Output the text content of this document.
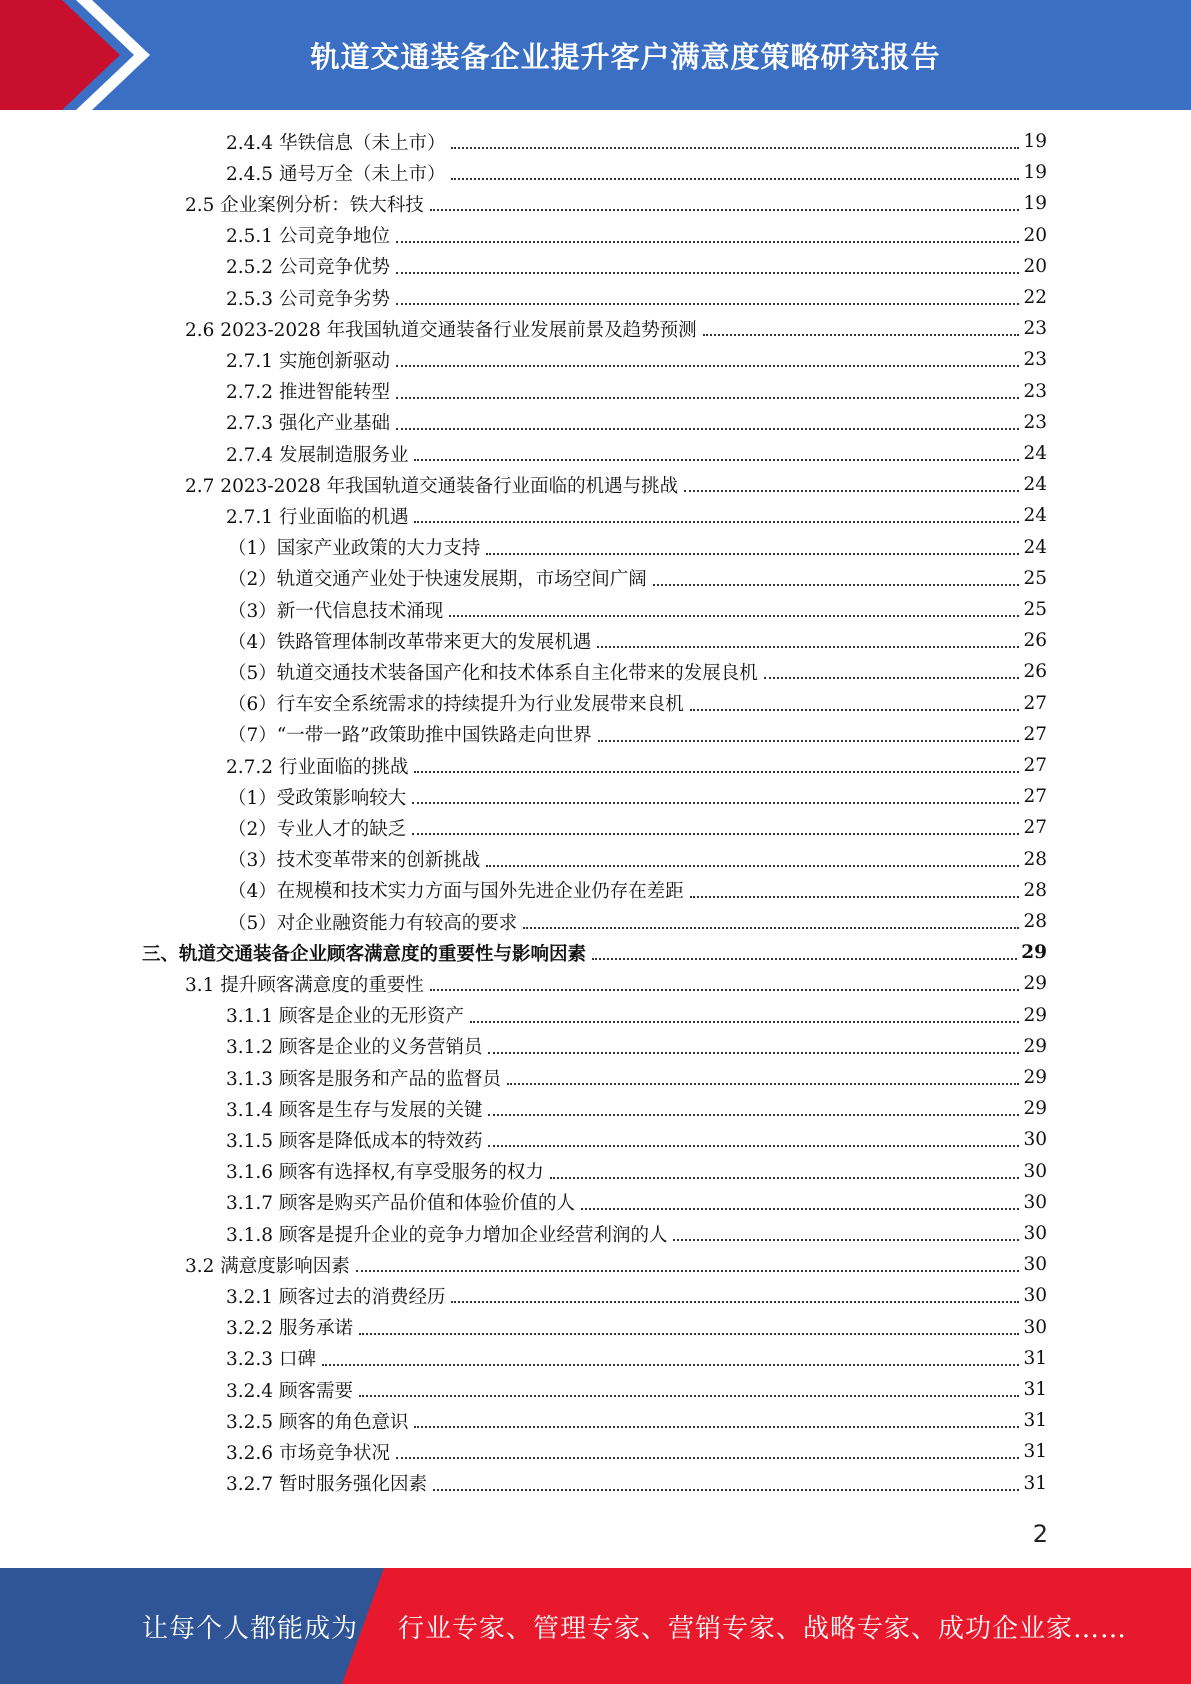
轨道交通装备企业提升客户满意度策略研究报告
2.4.4 华铁信息（未上市）	19
2.4.5 通号万全（未上市）	19
2.5 企业案例分析：铁大科技	19
2.5.1 公司竞争地位	20
2.5.2 公司竞争优势	20
2.5.3 公司竞争劣势	22
2.6 2023-2028 年我国轨道交通装备行业发展前景及趋势预测	23
2.7.1 实施创新驱动	23
2.7.2 推进智能转型	23
2.7.3 强化产业基础	23
2.7.4 发展制造服务业	24
2.7 2023-2028 年我国轨道交通装备行业面临的机遇与挑战	24
2.7.1 行业面临的机遇	24
（1）国家产业政策的大力支持	24
（2）轨道交通产业处于快速发展期，市场空间广阔	25
（3）新一代信息技术涌现	25
（4）铁路管理体制改革带来更大的发展机遇	26
（5）轨道交通技术装备国产化和技术体系自主化带来的发展良机	26
（6）行车安全系统需求的持续提升为行业发展带来良机	27
（7）“一带一路”政策助推中国铁路走向世界	27
2.7.2 行业面临的挑战	27
（1）受政策影响较大	27
（2）专业人才的缺乏	27
（3）技术变革带来的创新挑战	28
（4）在规模和技术实力方面与国外先进企业仍存在差距	28
（5）对企业融资能力有较高的要求	28
三、轨道交通装备企业顾客满意度的重要性与影响因素	29
3.1 提升顾客满意度的重要性	29
3.1.1 顾客是企业的无形资产	29
3.1.2 顾客是企业的义务营销员	29
3.1.3 顾客是服务和产品的监督员	29
3.1.4 顾客是生存与发展的关键	29
3.1.5 顾客是降低成本的特效药	30
3.1.6 顾客有选择权,有享受服务的权力	30
3.1.7 顾客是购买产品价值和体验价值的人	30
3.1.8 顾客是提升企业的竞争力增加企业经营利润的人	30
3.2 满意度影响因素	30
3.2.1 顾客过去的消费经历	30
3.2.2 服务承诺	30
3.2.3 口碑	31
3.2.4 顾客需要	31
3.2.5 顾客的角色意识	31
3.2.6 市场竞争状况	31
3.2.7 暂时服务强化因素	31
2
让每个人都能成为 行业专家、管理专家、营销专家、战略专家、成功企业家……
